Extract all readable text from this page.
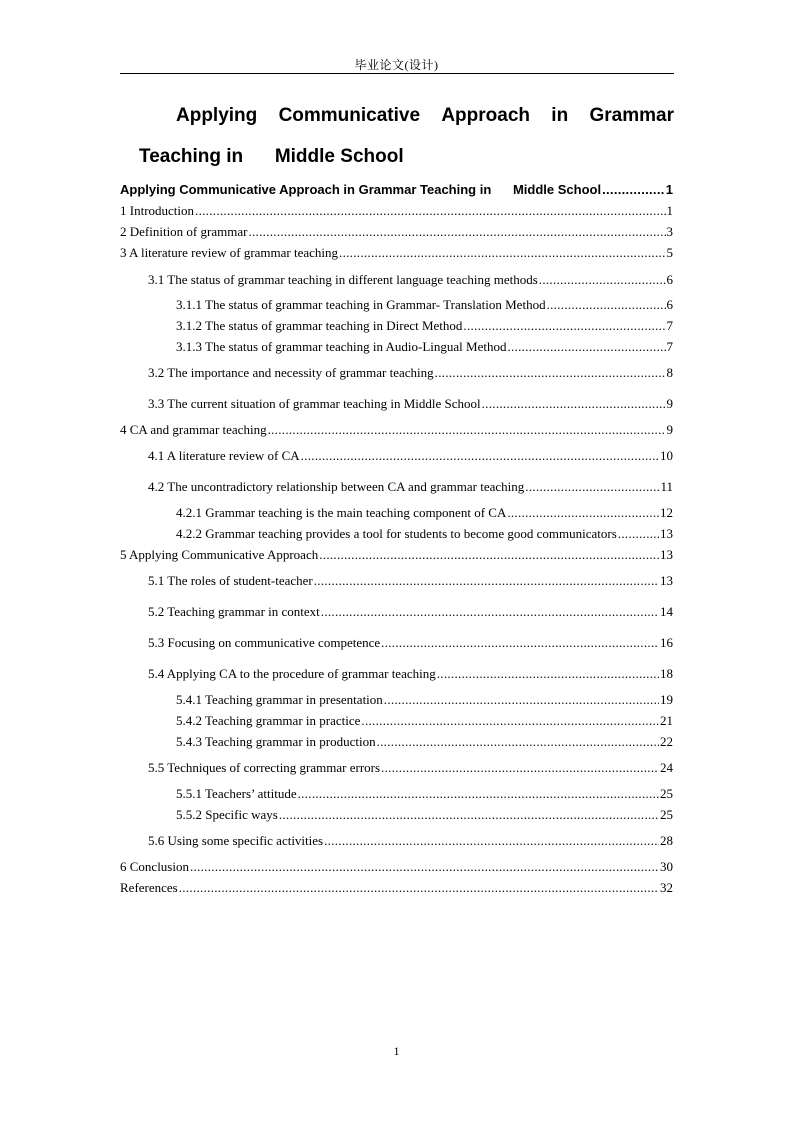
毕业论文(设计)
Applying Communicative Approach in Grammar
Teaching in      Middle School
Applying Communicative Approach in Grammar Teaching in      Middle School .....	1
1 Introduction .....	1
2 Definition of grammar .....	3
3 A literature review of grammar teaching .....	5
3.1 The status of grammar teaching in different language teaching methods .....	6
3.1.1 The status of grammar teaching in Grammar- Translation Method .....	6
3.1.2 The status of grammar teaching in Direct Method .....	7
3.1.3 The status of grammar teaching in Audio-Lingual Method .....	7
3.2 The importance and necessity of grammar teaching .....	8
3.3 The current situation of grammar teaching in Middle School .....	9
4 CA and grammar teaching .....	9
4.1 A literature review of CA .....	10
4.2 The uncontradictory relationship between CA and grammar teaching .....	11
4.2.1 Grammar teaching is the main teaching component of CA .....	12
4.2.2 Grammar teaching provides a tool for students to become good communicators .....	13
5 Applying Communicative Approach .....	13
5.1 The roles of student-teacher .....	13
5.2 Teaching grammar in context .....	14
5.3 Focusing on communicative competence .....	16
5.4 Applying CA to the procedure of grammar teaching .....	18
5.4.1 Teaching grammar in presentation .....	19
5.4.2 Teaching grammar in practice .....	21
5.4.3 Teaching grammar in production .....	22
5.5 Techniques of correcting grammar errors .....	24
5.5.1 Teachers’ attitude .....	25
5.5.2 Specific ways .....	25
5.6 Using some specific activities .....	28
6 Conclusion .....	30
References .....	32
1
